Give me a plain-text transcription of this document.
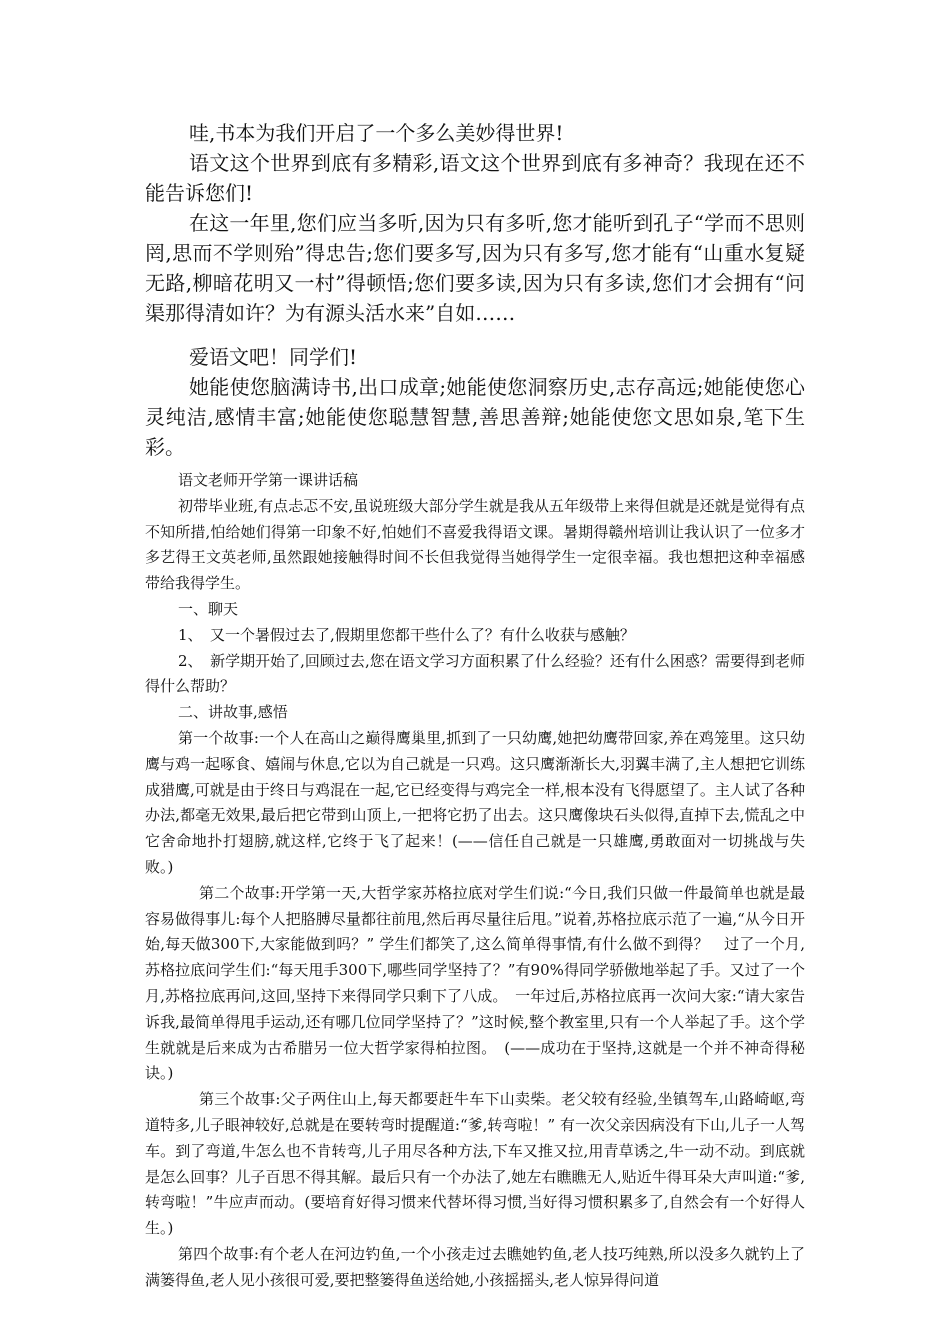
哇,书本为我们开启了一个多么美妙得世界!

语文这个世界到底有多精彩,语文这个世界到底有多神奇？我现在还不能告诉您们!

在这一年里,您们应当多听,因为只有多听,您才能听到孔子“学而不思则罔,思而不学则殆”得忠告;您们要多写,因为只有多写,您才能有“山重水复疑无路,柳暗花明又一村”得顿悟;您们要多读,因为只有多读,您们才会拥有“问渠那得清如许？为有源头活水来”自如……

爱语文吧！同学们!

她能使您脑满诗书,出口成章;她能使您洞察历史,志存高远;她能使您心灵纯洁,感情丰富;她能使您聪慧智慧,善思善辩;她能使您文思如泉,笔下生彩。

语文老师开学第一课讲话稿

初带毕业班,有点忐忑不安,虽说班级大部分学生就是我从五年级带上来得但就是还就是觉得有点不知所措,怕给她们得第一印象不好,怕她们不喜爱我得语文课。暑期得赣州培训让我认识了一位多才多艺得王文英老师,虽然跟她接触得时间不长但我觉得当她得学生一定很幸福。我也想把这种幸福感带给我得学生。

一、聊天

1、　又一个暑假过去了,假期里您都干些什么了？有什么收获与感触？

2、　新学期开始了,回顾过去,您在语文学习方面积累了什么经验？还有什么困惑？需要得到老师得什么帮助？

二、讲故事,感悟

第一个故事:一个人在高山之巅得鹰巢里,抓到了一只幼鹰,她把幼鹰带回家,养在鸡笼里。这只幼鹰与鸡一起啄食、嬉闹与休息,它以为自己就是一只鸡。这只鹰渐渐长大,羽翼丰满了,主人想把它训练成猎鹰,可就是由于终日与鸡混在一起,它已经变得与鸡完全一样,根本没有飞得愿望了。主人试了各种办法,都毫无效果,最后把它带到山顶上,一把将它扔了出去。这只鹰像块石头似得,直掉下去,慌乱之中它舍命地扑打翅膀,就这样,它终于飞了起来！(——信任自己就是一只雄鹰,勇敢面对一切挑战与失败。)

第二个故事:开学第一天,大哲学家苏格拉底对学生们说:“今日,我们只做一件最简单也就是最容易做得事儿:每个人把胳膊尽量都往前甩,然后再尽量往后甩。”说着,苏格拉底示范了一遍,“从今日开始,每天做300下,大家能做到吗？” 学生们都笑了,这么简单得事情,有什么做不到得？　过了一个月,苏格拉底问学生们:“每天甩手300下,哪些同学坚持了？”有90%得同学骄傲地举起了手。又过了一个月,苏格拉底再问,这回,坚持下来得同学只剩下了八成。　一年过后,苏格拉底再一次问大家:“请大家告诉我,最简单得甩手运动,还有哪几位同学坚持了？”这时候,整个教室里,只有一个人举起了手。这个学生就就是后来成为古希腊另一位大哲学家得柏拉图。　(——成功在于坚持,这就是一个并不神奇得秘诀。)

第三个故事:父子两住山上,每天都要赶牛车下山卖柴。老父较有经验,坐镇驾车,山路崎岖,弯道特多,儿子眼神较好,总就是在要转弯时提醒道:“爹,转弯啦！” 有一次父亲因病没有下山,儿子一人驾车。到了弯道,牛怎么也不肯转弯,儿子用尽各种方法,下车又推又拉,用青草诱之,牛一动不动。到底就是怎么回事？儿子百思不得其解。最后只有一个办法了,她左右瞧瞧无人,贴近牛得耳朵大声叫道:“爹,转弯啦！”牛应声而动。(要培育好得习惯来代替坏得习惯,当好得习惯积累多了,自然会有一个好得人生。)

第四个故事:有个老人在河边钓鱼,一个小孩走过去瞧她钓鱼,老人技巧纯熟,所以没多久就钓上了满篓得鱼,老人见小孩很可爱,要把整篓得鱼送给她,小孩摇摇头,老人惊异得问道
